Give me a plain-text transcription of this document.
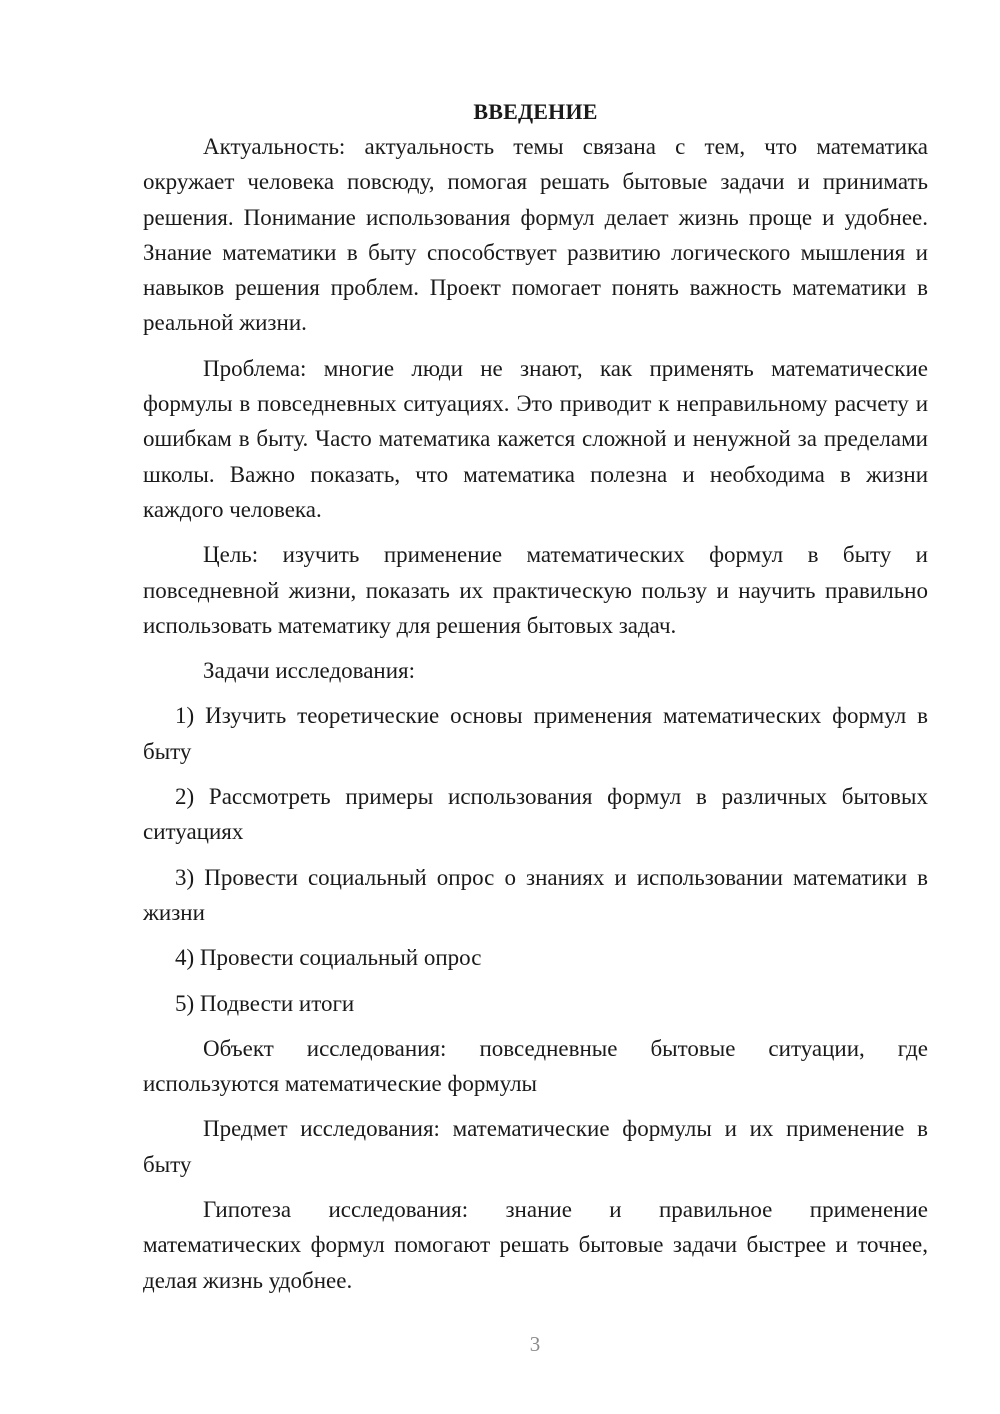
ВВЕДЕНИЕ

Актуальность: актуальность темы связана с тем, что математика окружает человека повсюду, помогая решать бытовые задачи и принимать решения. Понимание использования формул делает жизнь проще и удобнее. Знание математики в быту способствует развитию логического мышления и навыков решения проблем. Проект помогает понять важность математики в реальной жизни.

Проблема: многие люди не знают, как применять математические формулы в повседневных ситуациях. Это приводит к неправильному расчету и ошибкам в быту. Часто математика кажется сложной и ненужной за пределами школы. Важно показать, что математика полезна и необходима в жизни каждого человека.

Цель: изучить применение математических формул в быту и повседневной жизни, показать их практическую пользу и научить правильно использовать математику для решения бытовых задач.

Задачи исследования:

1) Изучить теоретические основы применения математических формул в быту

2) Рассмотреть примеры использования формул в различных бытовых ситуациях

3) Провести социальный опрос о знаниях и использовании математики в жизни

4) Провести социальный опрос

5) Подвести итоги

Объект исследования: повседневные бытовые ситуации, где используются математические формулы

Предмет исследования: математические формулы и их применение в быту

Гипотеза исследования: знание и правильное применение математических формул помогают решать бытовые задачи быстрее и точнее, делая жизнь удобнее.

3
